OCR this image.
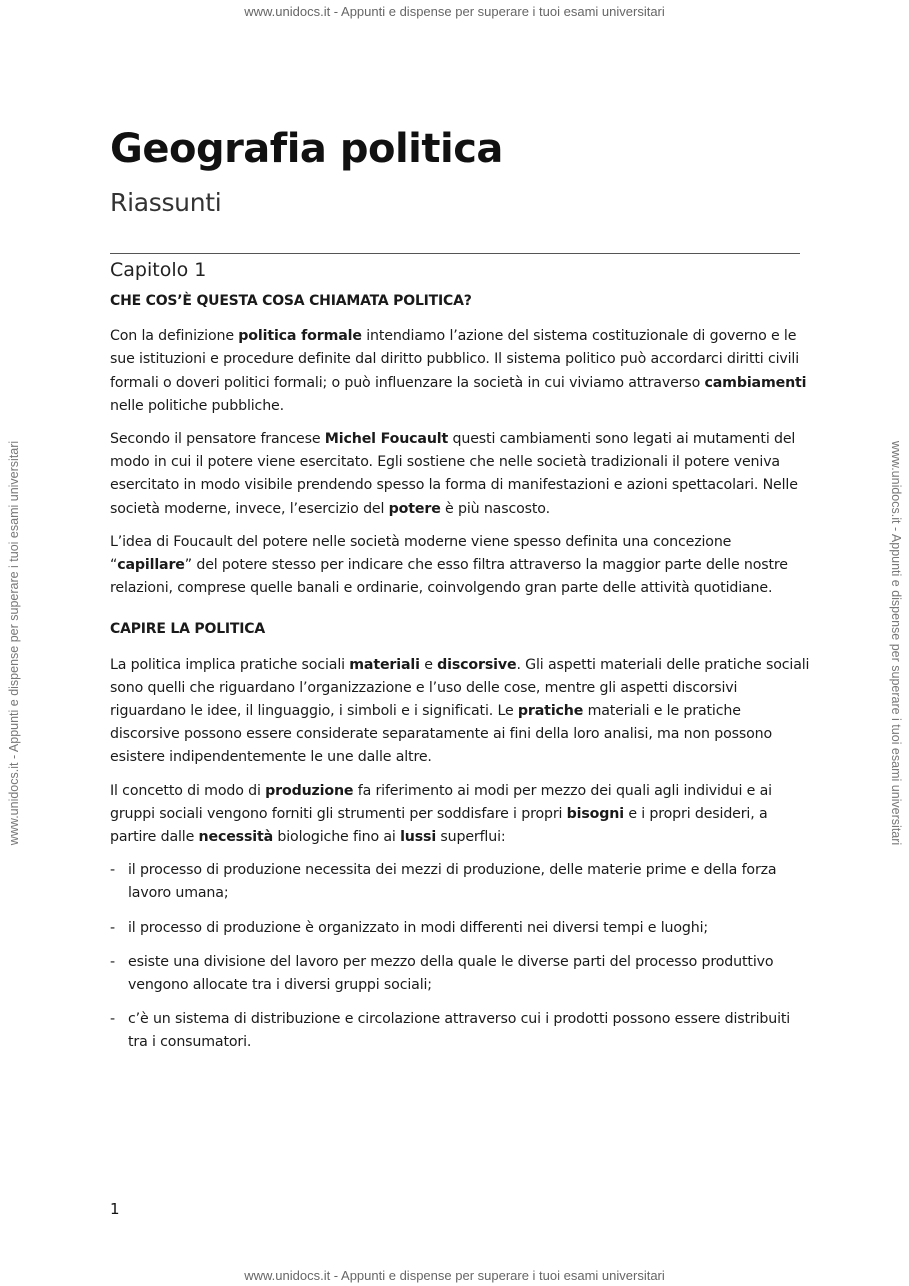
www.unidocs.it - Appunti e dispense per superare i tuoi esami universitari
www.unidocs.it - Appunti e dispense per superare i tuoi esami universitari	www.unidocs.it - Appunti e dispense per superare i tuoi esami universitari
Geografia politica
Riassunti
Capitolo 1
CHE COS’È QUESTA COSA CHIAMATA POLITICA?

Con la definizione politica formale intendiamo l’azione del sistema costituzionale di governo e le sue istituzioni e procedure definite dal diritto pubblico. Il sistema politico può accordarci diritti civili formali o doveri politici formali; o può influenzare la società in cui viviamo attraverso cambiamenti nelle politiche pubbliche.

Secondo il pensatore francese Michel Foucault questi cambiamenti sono legati ai mutamenti del modo in cui il potere viene esercitato. Egli sostiene che nelle società tradizionali il potere veniva esercitato in modo visibile prendendo spesso la forma di manifestazioni e azioni spettacolari. Nelle società moderne, invece, l’esercizio del potere è più nascosto.

L’idea di Foucault del potere nelle società moderne viene spesso definita una concezione “capillare” del potere stesso per indicare che esso filtra attraverso la maggior parte delle nostre relazioni, comprese quelle banali e ordinarie, coinvolgendo gran parte delle attività quotidiane.

CAPIRE LA POLITICA

La politica implica pratiche sociali materiali e discorsive. Gli aspetti materiali delle pratiche sociali sono quelli che riguardano l’organizzazione e l’uso delle cose, mentre gli aspetti discorsivi riguardano le idee, il linguaggio, i simboli e i significati. Le pratiche materiali e le pratiche discorsive possono essere considerate separatamente ai fini della loro analisi, ma non possono esistere indipendentemente le une dalle altre.

Il concetto di modo di produzione fa riferimento ai modi per mezzo dei quali agli individui e ai gruppi sociali vengono forniti gli strumenti per soddisfare i propri bisogni e i propri desideri, a partire dalle necessità biologiche fino ai lussi superflui:

- il processo di produzione necessita dei mezzi di produzione, delle materie prime e della forza lavoro umana;
- il processo di produzione è organizzato in modi differenti nei diversi tempi e luoghi;
- esiste una divisione del lavoro per mezzo della quale le diverse parti del processo produttivo vengono allocate tra i diversi gruppi sociali;
- c’è un sistema di distribuzione e circolazione attraverso cui i prodotti possono essere distribuiti tra i consumatori.
1
www.unidocs.it - Appunti e dispense per superare i tuoi esami universitari
